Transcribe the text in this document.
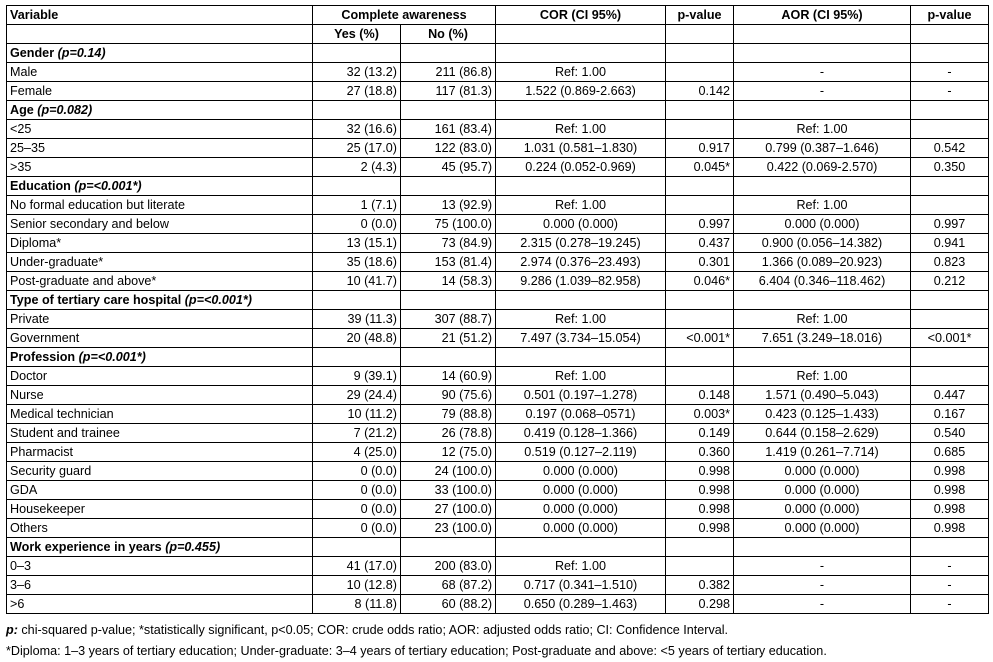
Variable	Complete awareness		COR (CI 95%)	p-value	AOR (CI 95%)	p-value
	Yes (%)	No (%)				
Gender (p=0.14)						
Male	32 (13.2)	211 (86.8)	Ref: 1.00		-	-
Female	27 (18.8)	117 (81.3)	1.522 (0.869-2.663)	0.142	-	-
Age (p=0.082)						
<25	32 (16.6)	161 (83.4)	Ref: 1.00		Ref: 1.00	
25–35	25 (17.0)	122 (83.0)	1.031 (0.581–1.830)	0.917	0.799 (0.387–1.646)	0.542
>35	2 (4.3)	45 (95.7)	0.224 (0.052-0.969)	0.045*	0.422 (0.069-2.570)	0.350
Education (p=<0.001*)						
No formal education but literate	1 (7.1)	13 (92.9)	Ref: 1.00		Ref: 1.00	
Senior secondary and below	0 (0.0)	75 (100.0)	0.000 (0.000)	0.997	0.000 (0.000)	0.997
Diploma*	13 (15.1)	73 (84.9)	2.315 (0.278–19.245)	0.437	0.900 (0.056–14.382)	0.941
Under-graduate*	35 (18.6)	153 (81.4)	2.974 (0.376–23.493)	0.301	1.366 (0.089–20.923)	0.823
Post-graduate and above*	10 (41.7)	14 (58.3)	9.286 (1.039–82.958)	0.046*	6.404 (0.346–118.462)	0.212
Type of tertiary care hospital (p=<0.001*)						
Private	39 (11.3)	307 (88.7)	Ref: 1.00		Ref: 1.00	
Government	20 (48.8)	21 (51.2)	7.497 (3.734–15.054)	<0.001*	7.651 (3.249–18.016)	<0.001*
Profession (p=<0.001*)						
Doctor	9 (39.1)	14 (60.9)	Ref: 1.00		Ref: 1.00	
Nurse	29 (24.4)	90 (75.6)	0.501 (0.197–1.278)	0.148	1.571 (0.490–5.043)	0.447
Medical technician	10 (11.2)	79 (88.8)	0.197 (0.068–0571)	0.003*	0.423 (0.125–1.433)	0.167
Student and trainee	7 (21.2)	26 (78.8)	0.419 (0.128–1.366)	0.149	0.644 (0.158–2.629)	0.540
Pharmacist	4 (25.0)	12 (75.0)	0.519 (0.127–2.119)	0.360	1.419 (0.261–7.714)	0.685
Security guard	0 (0.0)	24 (100.0)	0.000 (0.000)	0.998	0.000 (0.000)	0.998
GDA	0 (0.0)	33 (100.0)	0.000 (0.000)	0.998	0.000 (0.000)	0.998
Housekeeper	0 (0.0)	27 (100.0)	0.000 (0.000)	0.998	0.000 (0.000)	0.998
Others	0 (0.0)	23 (100.0)	0.000 (0.000)	0.998	0.000 (0.000)	0.998
Work experience in years (p=0.455)						
0–3	41 (17.0)	200 (83.0)	Ref: 1.00		-	-
3–6	10 (12.8)	68 (87.2)	0.717 (0.341–1.510)	0.382	-	-
>6	8 (11.8)	60 (88.2)	0.650 (0.289–1.463)	0.298	-	-
p: chi-squared p-value; *statistically significant, p<0.05; COR: crude odds ratio; AOR: adjusted odds ratio; CI: Confidence Interval.
*Diploma: 1–3 years of tertiary education; Under-graduate: 3–4 years of tertiary education; Post-graduate and above: <5 years of tertiary education.
